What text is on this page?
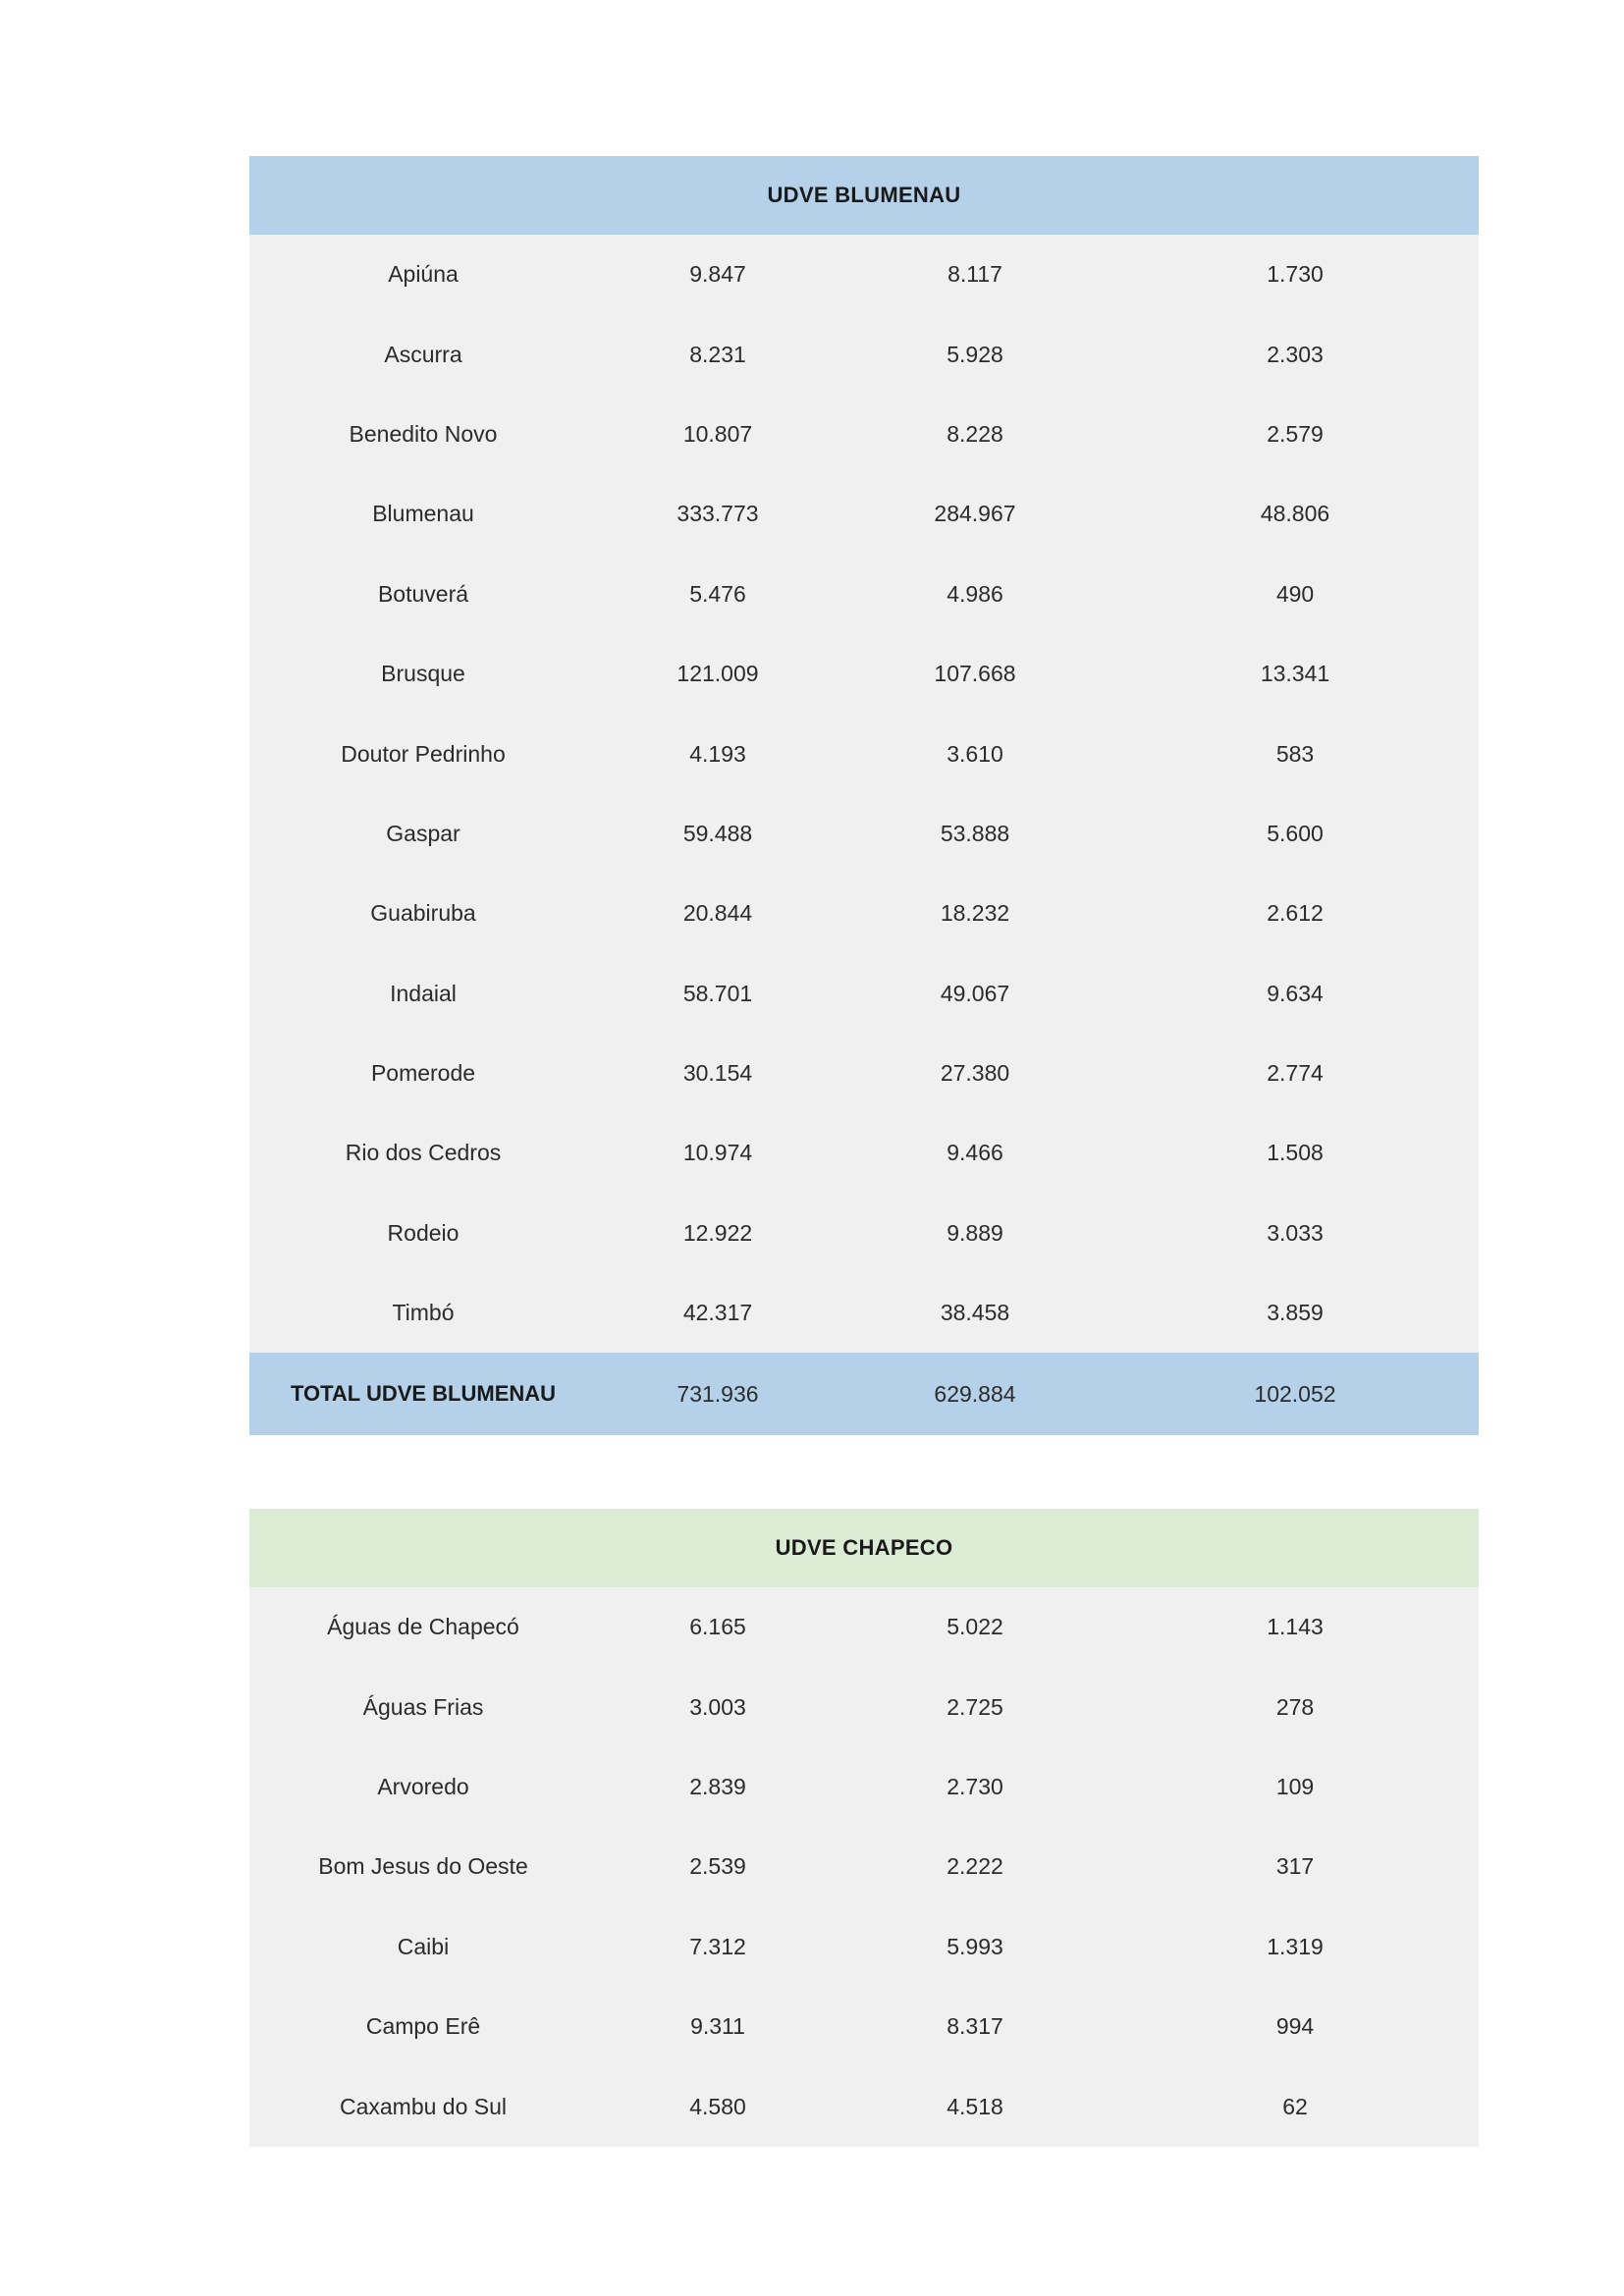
UDVE BLUMENAU
Apiúna	9.847	8.117	1.730
Ascurra	8.231	5.928	2.303
Benedito Novo	10.807	8.228	2.579
Blumenau	333.773	284.967	48.806
Botuverá	5.476	4.986	490
Brusque	121.009	107.668	13.341
Doutor Pedrinho	4.193	3.610	583
Gaspar	59.488	53.888	5.600
Guabiruba	20.844	18.232	2.612
Indaial	58.701	49.067	9.634
Pomerode	30.154	27.380	2.774
Rio dos Cedros	10.974	9.466	1.508
Rodeio	12.922	9.889	3.033
Timbó	42.317	38.458	3.859
TOTAL UDVE BLUMENAU	731.936	629.884	102.052
UDVE CHAPECO
Águas de Chapecó	6.165	5.022	1.143
Águas Frias	3.003	2.725	278
Arvoredo	2.839	2.730	109
Bom Jesus do Oeste	2.539	2.222	317
Caibi	7.312	5.993	1.319
Campo Erê	9.311	8.317	994
Caxambu do Sul	4.580	4.518	62
